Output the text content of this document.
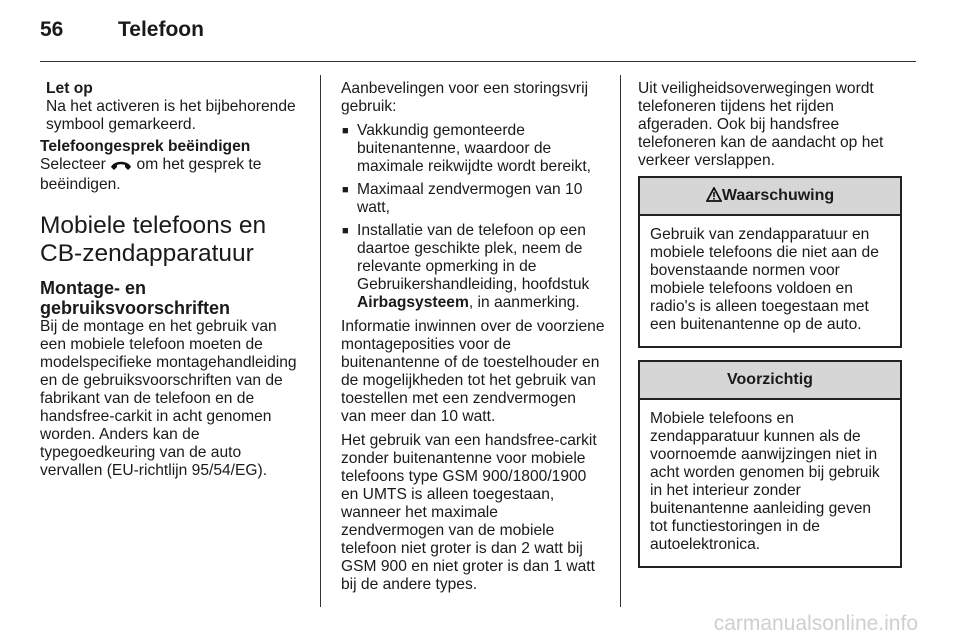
56	Telefoon
Let op
Na het activeren is het bijbehorende symbool gemarkeerd.
Telefoongesprek beëindigen

Selecteer  om het gesprek te beëindigen.

Mobiele telefoons en CB-zendapparatuur
Montage- en gebruiksvoorschriften

Bij de montage en het gebruik van een mobiele telefoon moeten de modelspecifieke montagehandleiding en de gebruiksvoorschriften van de fabrikant van de telefoon en de handsfree-carkit in acht genomen worden. Anders kan de typegoedkeuring van de auto vervallen (EU-richtlijn 95/54/EG).

Aanbevelingen voor een storingsvrij gebruik:

■ Vakkundig gemonteerde buitenantenne, waardoor de maximale reikwijdte wordt bereikt,
■ Maximaal zendvermogen van 10 watt,
■ Installatie van de telefoon op een daartoe geschikte plek, neem de relevante opmerking in de Gebruikershandleiding, hoofdstuk Airbagsysteem, in aanmerking.

Informatie inwinnen over de voorziene montageposities voor de buitenantenne of de toestelhouder en de mogelijkheden tot het gebruik van toestellen met een zendvermogen van meer dan 10 watt.

Het gebruik van een handsfree-carkit zonder buitenantenne voor mobiele telefoons type GSM 900/1800/1900 en UMTS is alleen toegestaan, wanneer het maximale zendvermogen van de mobiele telefoon niet groter is dan 2 watt bij GSM 900 en niet groter is dan 1 watt bij de andere types.

Uit veiligheidsoverwegingen wordt telefoneren tijdens het rijden afgeraden. Ook bij handsfree telefoneren kan de aandacht op het verkeer verslappen.

Waarschuwing
Gebruik van zendapparatuur en mobiele telefoons die niet aan de bovenstaande normen voor mobiele telefoons voldoen en radio's is alleen toegestaan met een buitenantenne op de auto.
Voorzichtig
Mobiele telefoons en zendapparatuur kunnen als de voornoemde aanwijzingen niet in acht worden genomen bij gebruik in het interieur zonder buitenantenne aanleiding geven tot functiestoringen in de autoelektronica.
carmanualsonline.info
